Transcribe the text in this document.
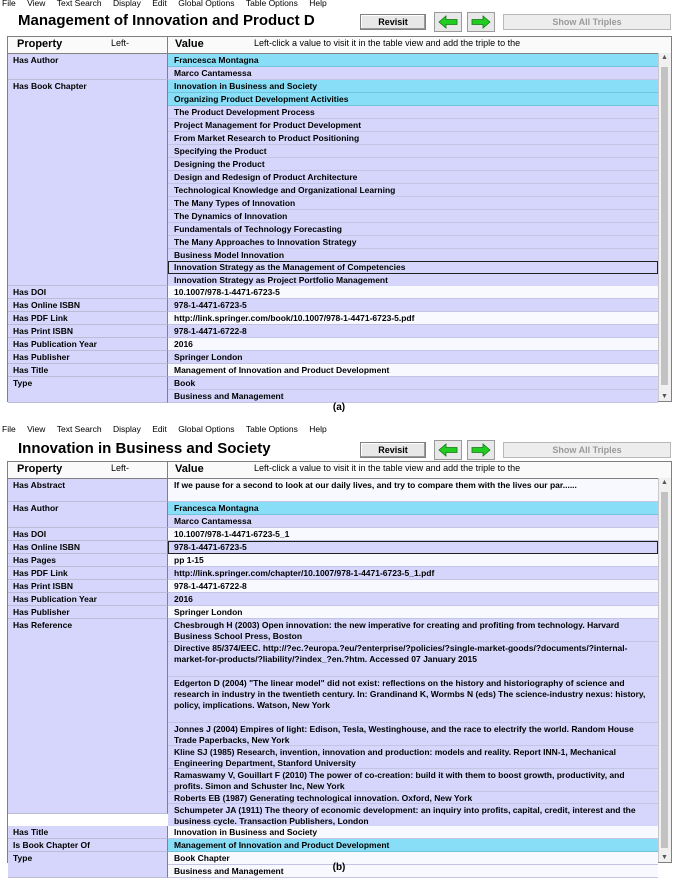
File View Text Search Display Edit Global Options Table Options Help
Management of Innovation and Product D	Revisit	Show All Triples
Property	Left-	Value	Left-click a value to visit it in the table view and add the triple to the
Has Author	Francesca Montagna
Marco Cantamessa
Has Book Chapter	Innovation in Business and Society
Organizing Product Development Activities
The Product Development Process
Project Management for Product Development
From Market Research to Product Positioning
Specifying the Product
Designing the Product
Design and Redesign of Product Architecture
Technological Knowledge and Organizational Learning
The Many Types of Innovation
The Dynamics of Innovation
Fundamentals of Technology Forecasting
The Many Approaches to Innovation Strategy
Business Model Innovation
Innovation Strategy as the Management of Competencies
Innovation Strategy as Project Portfolio Management
Has DOI	10.1007/978-1-4471-6723-5
Has Online ISBN	978-1-4471-6723-5
Has PDF Link	http://link.springer.com/book/10.1007/978-1-4471-6723-5.pdf
Has Print ISBN	978-1-4471-6722-8
Has Publication Year	2016
Has Publisher	Springer London
Has Title	Management of Innovation and Product Development
Type	Book
Business and Management
▲
▼
(a)
File View Text Search Display Edit Global Options Table Options Help
Innovation in Business and Society	Revisit	Show All Triples
Property	Left-	Value	Left-click a value to visit it in the table view and add the triple to the
Has Abstract	If we pause for a second to look at our daily lives, and try to compare them with the lives our par......
Has Author	Francesca Montagna
Marco Cantamessa
Has DOI	10.1007/978-1-4471-6723-5_1
Has Online ISBN	978-1-4471-6723-5
Has Pages	pp 1-15
Has PDF Link	http://link.springer.com/chapter/10.1007/978-1-4471-6723-5_1.pdf
Has Print ISBN	978-1-4471-6722-8
Has Publication Year	2016
Has Publisher	Springer London
Has Reference	Chesbrough H (2003) Open innovation: the new imperative for creating and profiting from technology. Harvard Business School Press, Boston
Directive 85/374/EEC. http://?ec.?europa.?eu/?enterprise/?policies/?single-market-goods/?documents/?internal-market-for-products/?liability/?index_?en.?htm. Accessed 07 January 2015
Edgerton D (2004) "The linear model" did not exist: reflections on the history and historiography of science and research in industry in the twentieth century. In: Grandinand K, Wormbs N (eds) The science-industry nexus: history, policy, implications. Watson, New York
Jonnes J (2004) Empires of light: Edison, Tesla, Westinghouse, and the race to electrify the world. Random House Trade Paperbacks, New York
Kline SJ (1985) Research, invention, innovation and production: models and reality. Report INN-1, Mechanical Engineering Department, Stanford University
Ramaswamy V, Gouillart F (2010) The power of co-creation: build it with them to boost growth, productivity, and profits. Simon and Schuster Inc, New York
Roberts EB (1987) Generating technological innovation. Oxford, New York
Schumpeter JA (1911) The theory of economic development: an inquiry into profits, capital, credit, interest and the business cycle. Transaction Publishers, London
Has Title	Innovation in Business and Society
Is Book Chapter Of	Management of Innovation and Product Development
Type	Book Chapter
Business and Management
▲
▼
(b)
